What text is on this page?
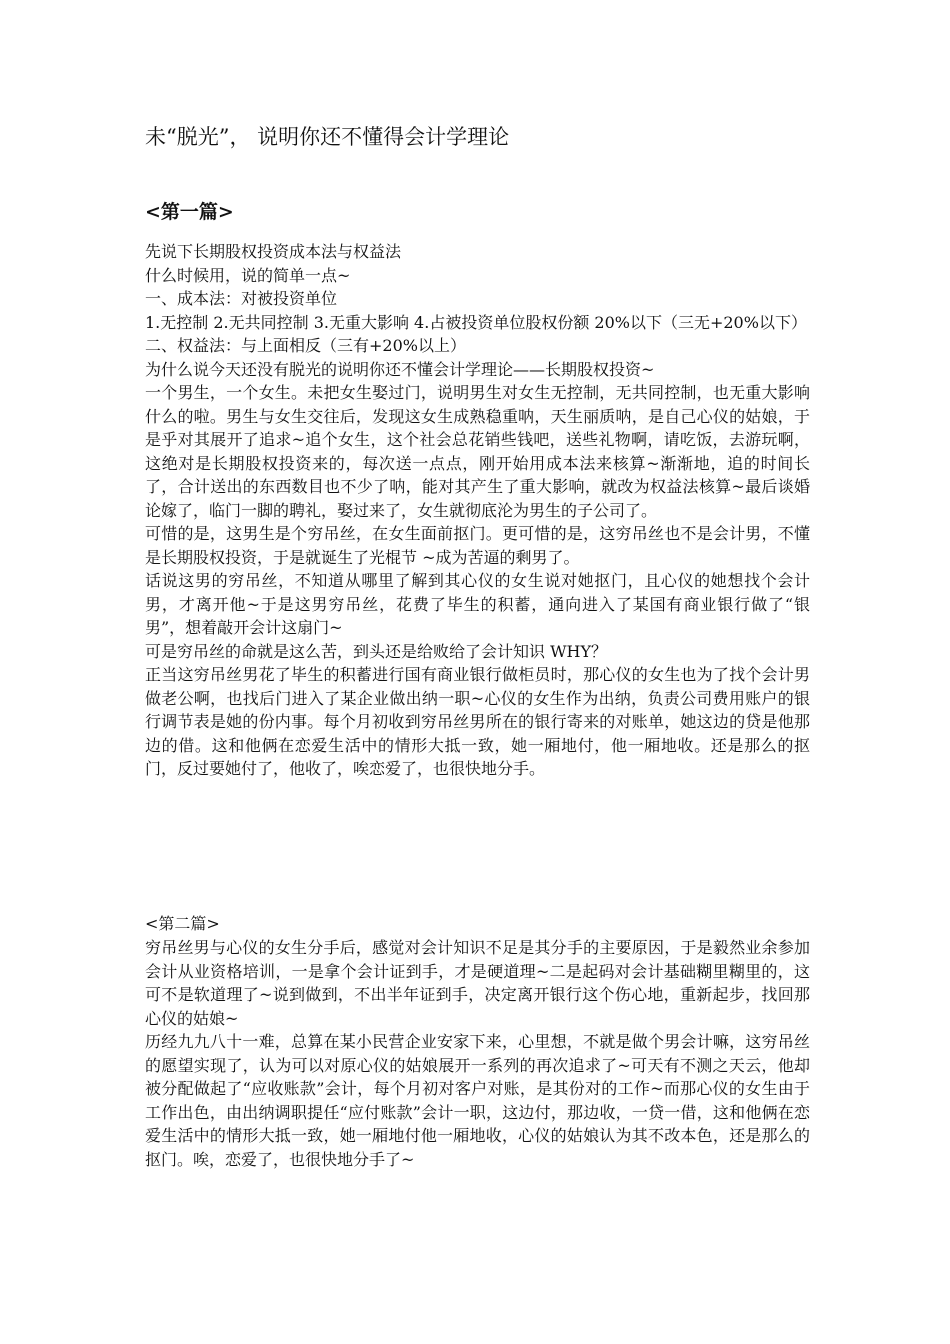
未“脱光”， 说明你还不懂得会计学理论
<第一篇>

先说下长期股权投资成本法与权益法

什么时候用，说的简单一点~

一、成本法：对被投资单位

1.无控制 2.无共同控制 3.无重大影响 4.占被投资单位股权份额 20%以下（三无+20%以下）

二、权益法：与上面相反（三有+20%以上）

为什么说今天还没有脱光的说明你还不懂会计学理论——长期股权投资~

一个男生，一个女生。未把女生娶过门，说明男生对女生无控制，无共同控制，也无重大影响什么的啦。男生与女生交往后，发现这女生成熟稳重呐，天生丽质呐，是自己心仪的姑娘，于是乎对其展开了追求~追个女生，这个社会总花销些钱吧，送些礼物啊，请吃饭，去游玩啊，这绝对是长期股权投资来的，每次送一点点，刚开始用成本法来核算~渐渐地，追的时间长了，合计送出的东西数目也不少了呐，能对其产生了重大影响，就改为权益法核算~最后谈婚论嫁了，临门一脚的聘礼，娶过来了，女生就彻底沦为男生的子公司了。

可惜的是，这男生是个穷吊丝，在女生面前抠门。更可惜的是，这穷吊丝也不是会计男，不懂是长期股权投资，于是就诞生了光棍节 ~成为苦逼的剩男了。

话说这男的穷吊丝，不知道从哪里了解到其心仪的女生说对她抠门，且心仪的她想找个会计男，才离开他~于是这男穷吊丝，花费了毕生的积蓄，通向进入了某国有商业银行做了“银男”，想着敲开会计这扇门~

可是穷吊丝的命就是这么苦，到头还是给败给了会计知识 WHY？

正当这穷吊丝男花了毕生的积蓄进行国有商业银行做柜员时，那心仪的女生也为了找个会计男做老公啊，也找后门进入了某企业做出纳一职~心仪的女生作为出纳，负责公司费用账户的银行调节表是她的份内事。每个月初收到穷吊丝男所在的银行寄来的对账单，她这边的贷是他那边的借。这和他俩在恋爱生活中的情形大抵一致，她一厢地付，他一厢地收。还是那么的抠门，反过要她付了，他收了，唉恋爱了，也很快地分手。

<第二篇>

穷吊丝男与心仪的女生分手后，感觉对会计知识不足是其分手的主要原因，于是毅然业余参加会计从业资格培训，一是拿个会计证到手，才是硬道理~二是起码对会计基础糊里糊里的，这可不是软道理了~说到做到，不出半年证到手，决定离开银行这个伤心地，重新起步，找回那心仪的姑娘~

历经九九八十一难，总算在某小民营企业安家下来，心里想，不就是做个男会计嘛，这穷吊丝的愿望实现了，认为可以对原心仪的姑娘展开一系列的再次追求了~可天有不测之天云，他却被分配做起了“应收账款”会计，每个月初对客户对账，是其份对的工作~而那心仪的女生由于工作出色，由出纳调职提任“应付账款”会计一职，这边付，那边收，一贷一借，这和他俩在恋爱生活中的情形大抵一致，她一厢地付他一厢地收，心仪的姑娘认为其不改本色，还是那么的抠门。唉，恋爱了，也很快地分手了~
